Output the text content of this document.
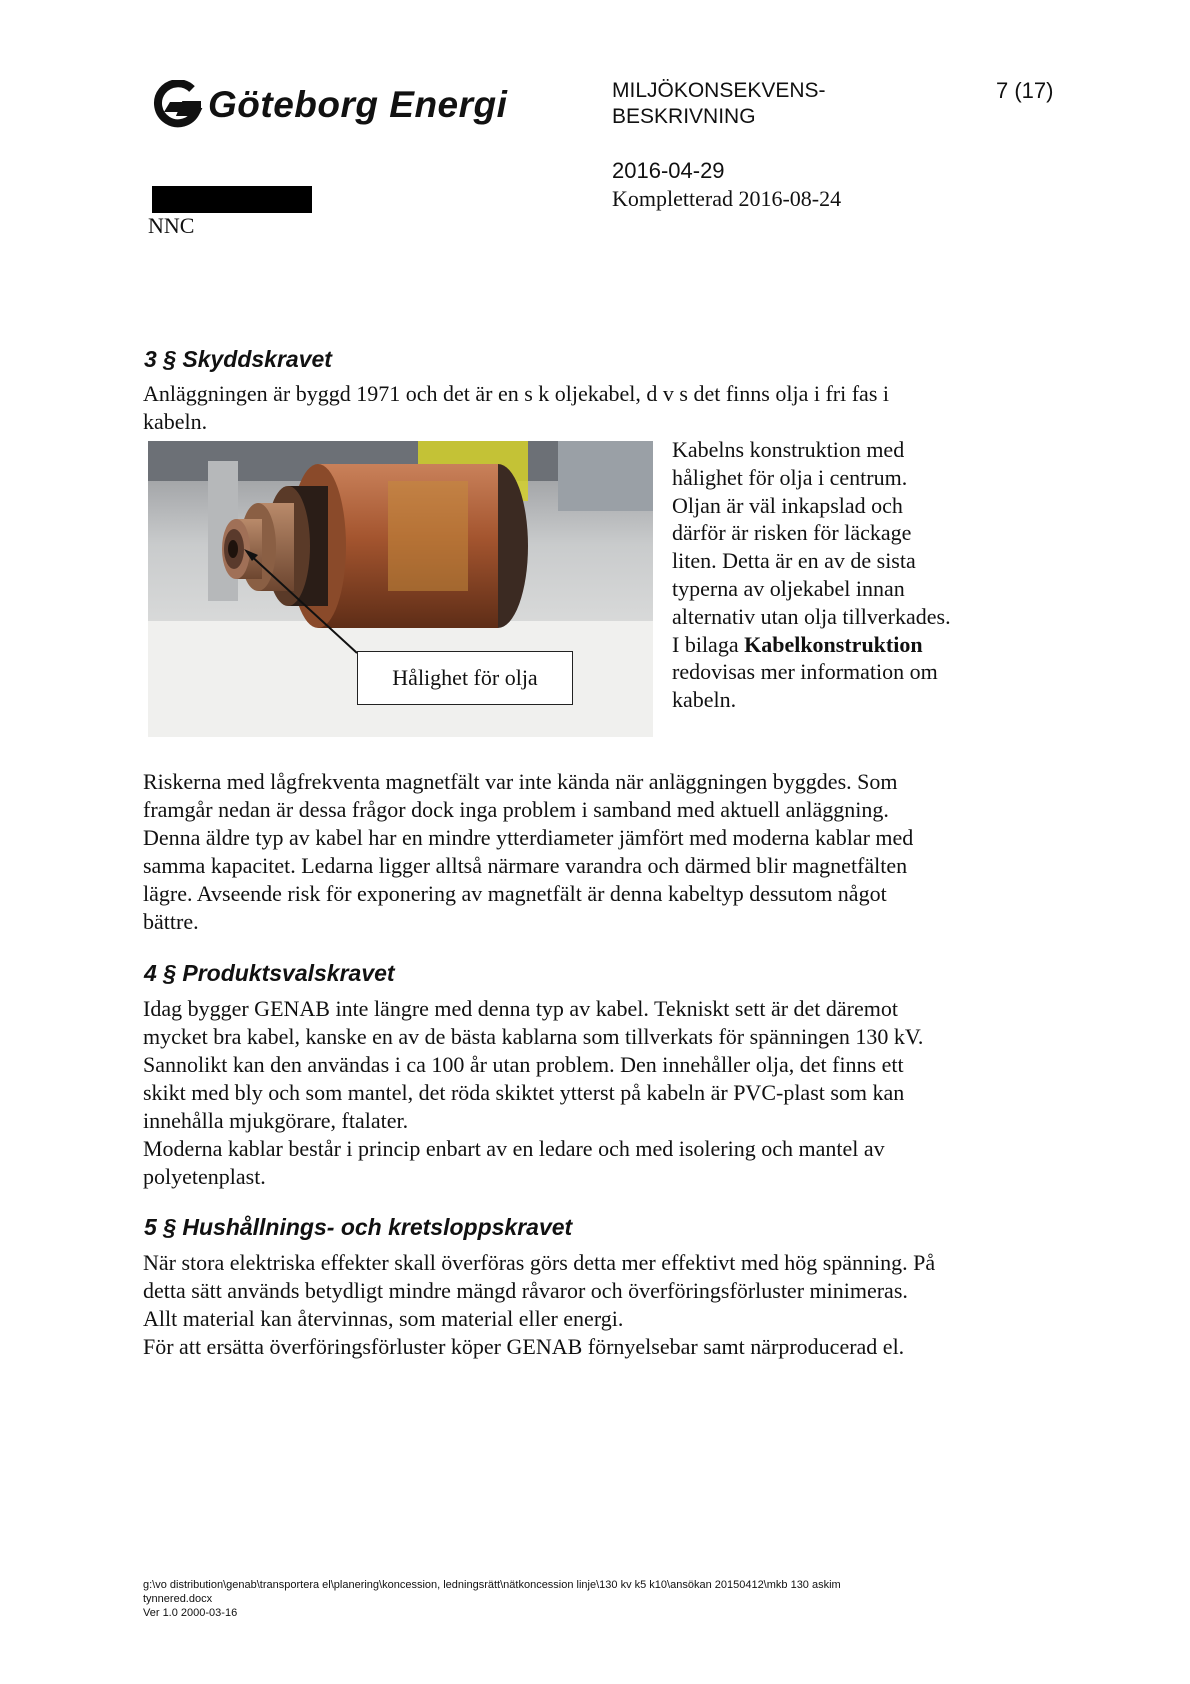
Göteborg Energi	MILJÖKONSEKVENS-
BESKRIVNING
7 (17)
2016-04-29
Kompletterad 2016-08-24
NNC
3 § Skyddskravet

Anläggningen är byggd 1971 och det är en s k oljekabel, d v s det finns olja i fri fas i kabeln.

Hålighet för olja
Kabelns konstruktion med hålighet för olja i centrum. Oljan är väl inkapslad och därför är risken för läckage liten. Detta är en av de sista typerna av oljekabel innan alternativ utan olja tillverkades. I bilaga Kabelkonstruktion redovisas mer information om kabeln.

Riskerna med lågfrekventa magnetfält var inte kända när anläggningen byggdes. Som framgår nedan är dessa frågor dock inga problem i samband med aktuell anläggning. Denna äldre typ av kabel har en mindre ytterdiameter jämfört med moderna kablar med samma kapacitet. Ledarna ligger alltså närmare varandra och därmed blir magnetfälten lägre. Avseende risk för exponering av magnetfält är denna kabeltyp dessutom något bättre.

4 § Produktsvalskravet

Idag bygger GENAB inte längre med denna typ av kabel. Tekniskt sett är det däremot mycket bra kabel, kanske en av de bästa kablarna som tillverkats för spänningen 130 kV. Sannolikt kan den användas i ca 100 år utan problem. Den innehåller olja, det finns ett skikt med bly och som mantel, det röda skiktet ytterst på kabeln är PVC-plast som kan innehålla mjukgörare, ftalater.

Moderna kablar består i princip enbart av en ledare och med isolering och mantel av polyetenplast.

5 § Hushållnings- och kretsloppskravet

När stora elektriska effekter skall överföras görs detta mer effektivt med hög spänning. På detta sätt används betydligt mindre mängd råvaror och överföringsförluster minimeras. Allt material kan återvinnas, som material eller energi.

För att ersätta överföringsförluster köper GENAB förnyelsebar samt närproducerad el.

g:\vo distribution\genab\transportera el\planering\koncession, ledningsrätt\nätkoncession linje\130 kv k5 k10\ansökan 20150412\mkb 130 askim
tynnered.docx
Ver 1.0 2000-03-16
